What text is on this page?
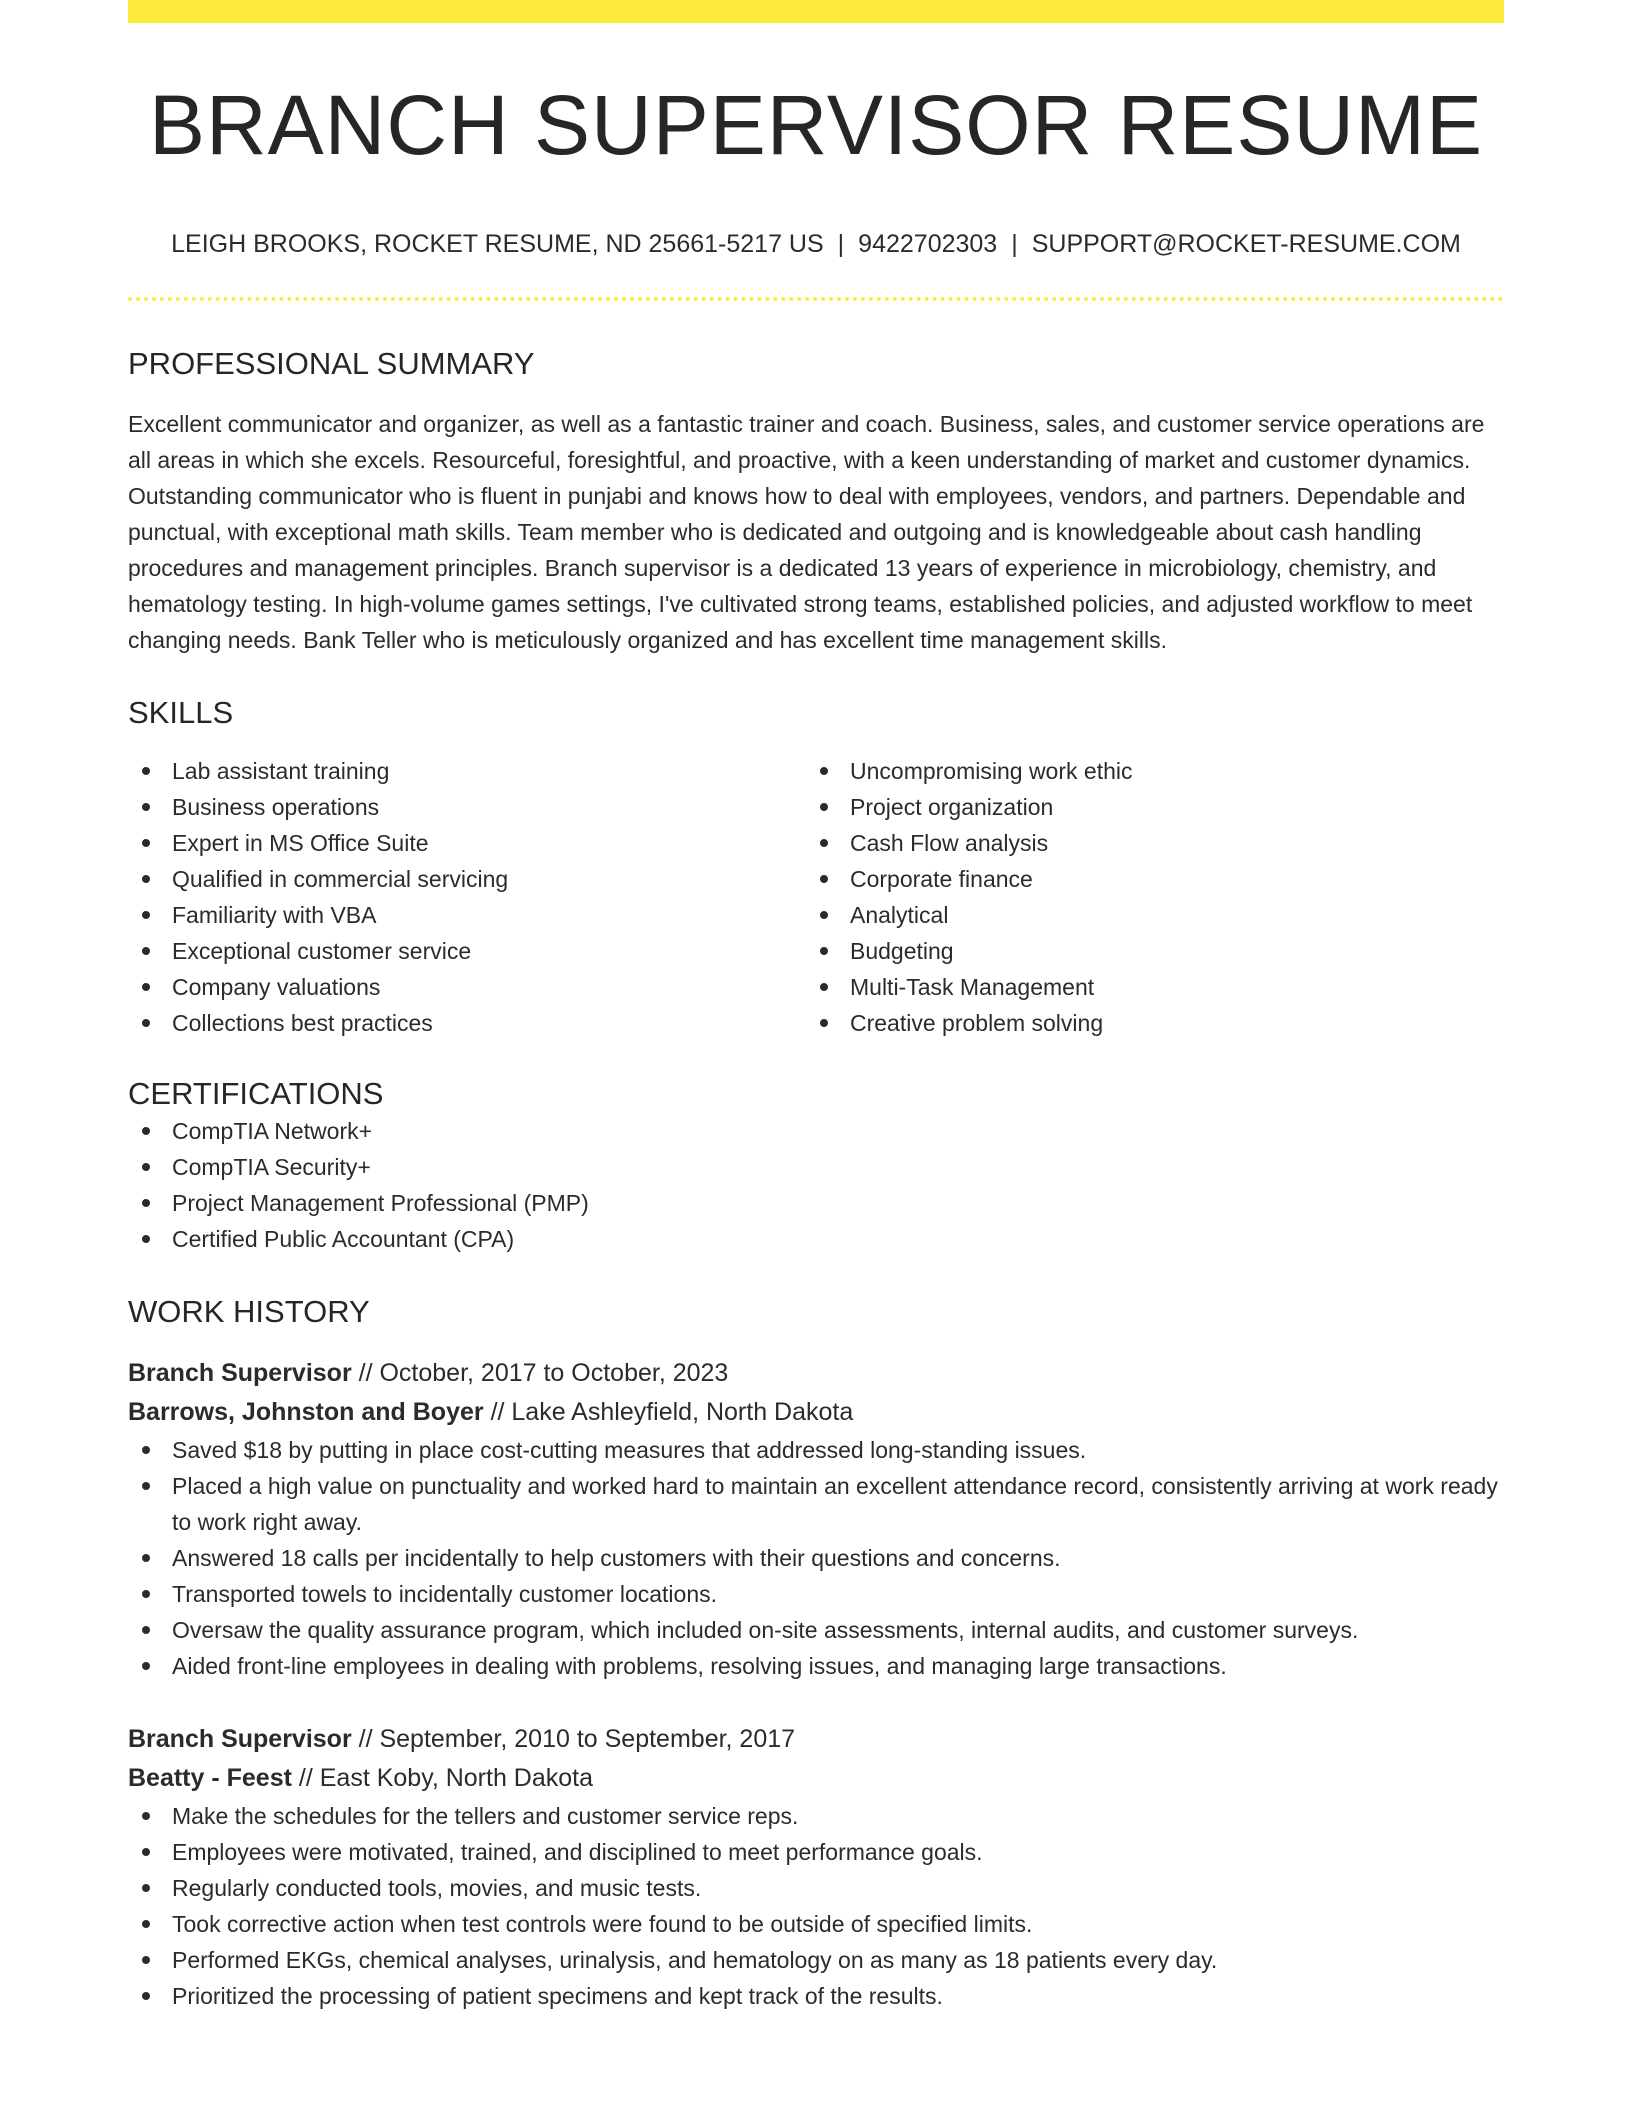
BRANCH SUPERVISOR RESUME
LEIGH BROOKS, ROCKET RESUME, ND 25661-5217 US | 9422702303 | SUPPORT@ROCKET-RESUME.COM
PROFESSIONAL SUMMARY

Excellent communicator and organizer, as well as a fantastic trainer and coach. Business, sales, and customer service operations are all areas in which she excels. Resourceful, foresightful, and proactive, with a keen understanding of market and customer dynamics. Outstanding communicator who is fluent in punjabi and knows how to deal with employees, vendors, and partners. Dependable and punctual, with exceptional math skills. Team member who is dedicated and outgoing and is knowledgeable about cash handling procedures and management principles. Branch supervisor is a dedicated 13 years of experience in microbiology, chemistry, and hematology testing. In high-volume games settings, I've cultivated strong teams, established policies, and adjusted workflow to meet changing needs. Bank Teller who is meticulously organized and has excellent time management skills.

SKILLS
Lab assistant training
Business operations
Expert in MS Office Suite
Qualified in commercial servicing
Familiarity with VBA
Exceptional customer service
Company valuations
Collections best practices
Uncompromising work ethic
Project organization
Cash Flow analysis
Corporate finance
Analytical
Budgeting
Multi-Task Management
Creative problem solving
CERTIFICATIONS
CompTIA Network+
CompTIA Security+
Project Management Professional (PMP)
Certified Public Accountant (CPA)
WORK HISTORY
Branch Supervisor // October, 2017 to October, 2023
Barrows, Johnston and Boyer // Lake Ashleyfield, North Dakota
Saved $18 by putting in place cost-cutting measures that addressed long-standing issues.
Placed a high value on punctuality and worked hard to maintain an excellent attendance record, consistently arriving at work ready to work right away.
Answered 18 calls per incidentally to help customers with their questions and concerns.
Transported towels to incidentally customer locations.
Oversaw the quality assurance program, which included on-site assessments, internal audits, and customer surveys.
Aided front-line employees in dealing with problems, resolving issues, and managing large transactions.
Branch Supervisor // September, 2010 to September, 2017
Beatty - Feest // East Koby, North Dakota
Make the schedules for the tellers and customer service reps.
Employees were motivated, trained, and disciplined to meet performance goals.
Regularly conducted tools, movies, and music tests.
Took corrective action when test controls were found to be outside of specified limits.
Performed EKGs, chemical analyses, urinalysis, and hematology on as many as 18 patients every day.
Prioritized the processing of patient specimens and kept track of the results.
